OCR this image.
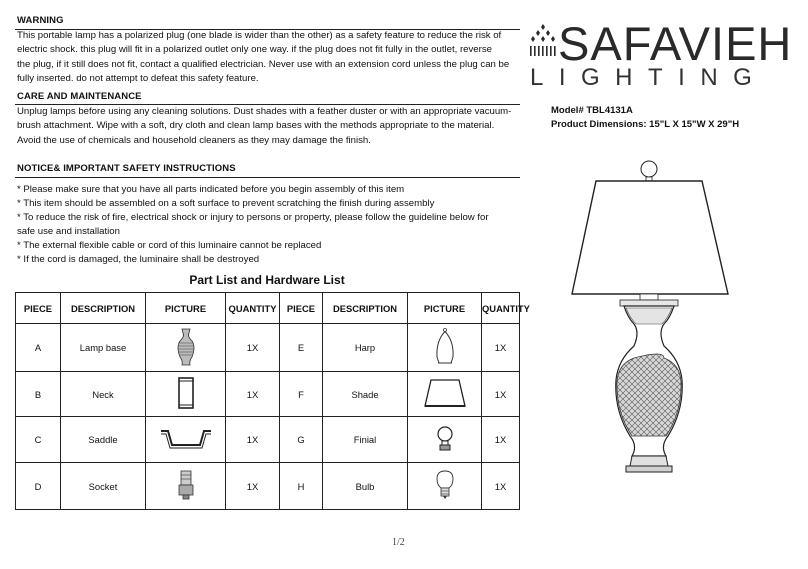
WARNING
This portable lamp has a polarized plug (one blade is wider than the other) as a safety feature to reduce the risk of
electric shock. this plug will fit in a polarized outlet only one way. if the plug does not fit fully in the outlet, reverse
the plug, if it still does not fit, contact a qualified electrician. Never use with an extension cord unless the plug can be
fully inserted. do not attempt to defeat this safety feature.
CARE AND MAINTENANCE
Unplug lamps before using any cleaning solutions. Dust shades with a feather duster or with an appropriate vacuum-
brush attachment. Wipe with a soft, dry cloth and clean lamp bases with the methods appropriate to the material.
Avoid the use of chemicals and household cleaners as they may damage the finish.
NOTICE& IMPORTANT SAFETY INSTRUCTIONS
* Please make sure that you have all parts indicated before you begin assembly of this item
* This item should be assembled on a soft surface to prevent scratching the finish during assembly
* To reduce the risk of fire, electrical shock or injury to persons or property, please follow the guideline below for
safe use and installation
* The external flexible cable or cord of this luminaire cannot be replaced
* If the cord is damaged, the luminaire shall be destroyed
Part List and Hardware List
PIECE	DESCRIPTION	PICTURE	QUANTITY	PIECE	DESCRIPTION	PICTURE	QUANTITY
A	Lamp base		1X	E	Harp		1X
B	Neck		1X	F	Shade		1X
C	Saddle		1X	G	Finial		1X
D	Socket		1X	H	Bulb		1X
SAFAVIEH
LIGHTING
Model# TBL4131A
Product Dimensions: 15"L X 15"W X 29"H
1/2
